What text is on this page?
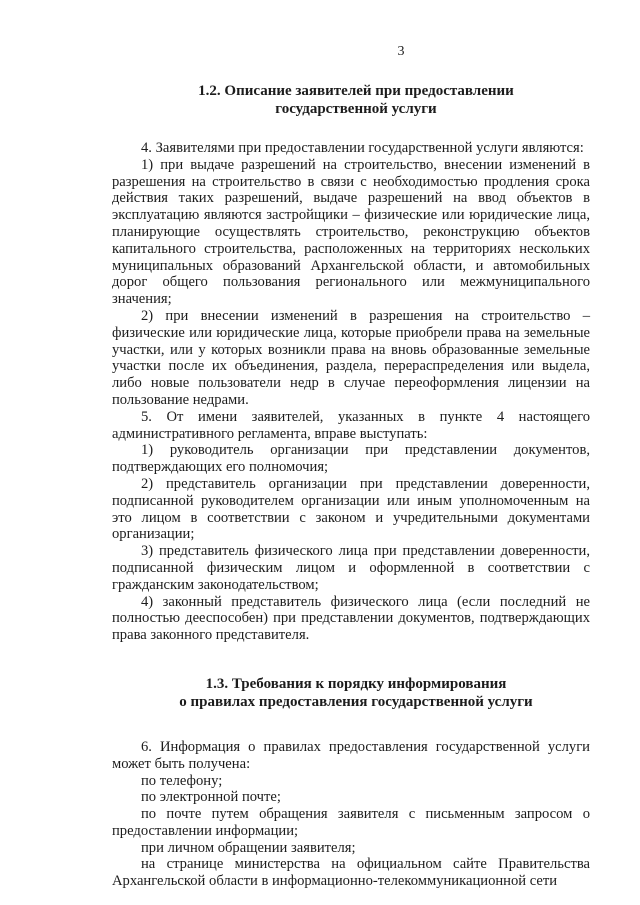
3
1.2. Описание заявителей при предоставлении
государственной услуги

4. Заявителями при предоставлении государственной услуги являются:

1) при выдаче разрешений на строительство, внесении изменений в разрешения на строительство в связи с необходимостью продления срока действия таких разрешений, выдаче разрешений на ввод объектов в эксплуатацию являются застройщики – физические или юридические лица, планирующие осуществлять строительство, реконструкцию объектов капитального строительства, расположенных на территориях нескольких муниципальных образований Архангельской области, и автомобильных дорог общего пользования регионального или межмуниципального значения;

2) при внесении изменений в разрешения на строительство – физические или юридические лица, которые приобрели права на земельные участки, или у которых возникли права на вновь образованные земельные участки после их объединения, раздела, перераспределения или выдела, либо новые пользователи недр в случае переоформления лицензии на пользование недрами.

5. От имени заявителей, указанных в пункте 4 настоящего административного регламента, вправе выступать:

1) руководитель организации при представлении документов, подтверждающих его полномочия;

2) представитель организации при представлении доверенности, подписанной руководителем организации или иным уполномоченным на это лицом в соответствии с законом и учредительными документами организации;

3) представитель физического лица при представлении доверенности, подписанной физическим лицом и оформленной в соответствии с гражданским законодательством;

4) законный представитель физического лица (если последний не полностью дееспособен) при представлении документов, подтверждающих права законного представителя.

1.3. Требования к порядку информирования
о правилах предоставления государственной услуги

6. Информация о правилах предоставления государственной услуги может быть получена:

по телефону;

по электронной почте;

по почте путем обращения заявителя с письменным запросом о предоставлении информации;

при личном обращении заявителя;

на странице министерства на официальном сайте Правительства Архангельской области в информационно-телекоммуникационной сети
